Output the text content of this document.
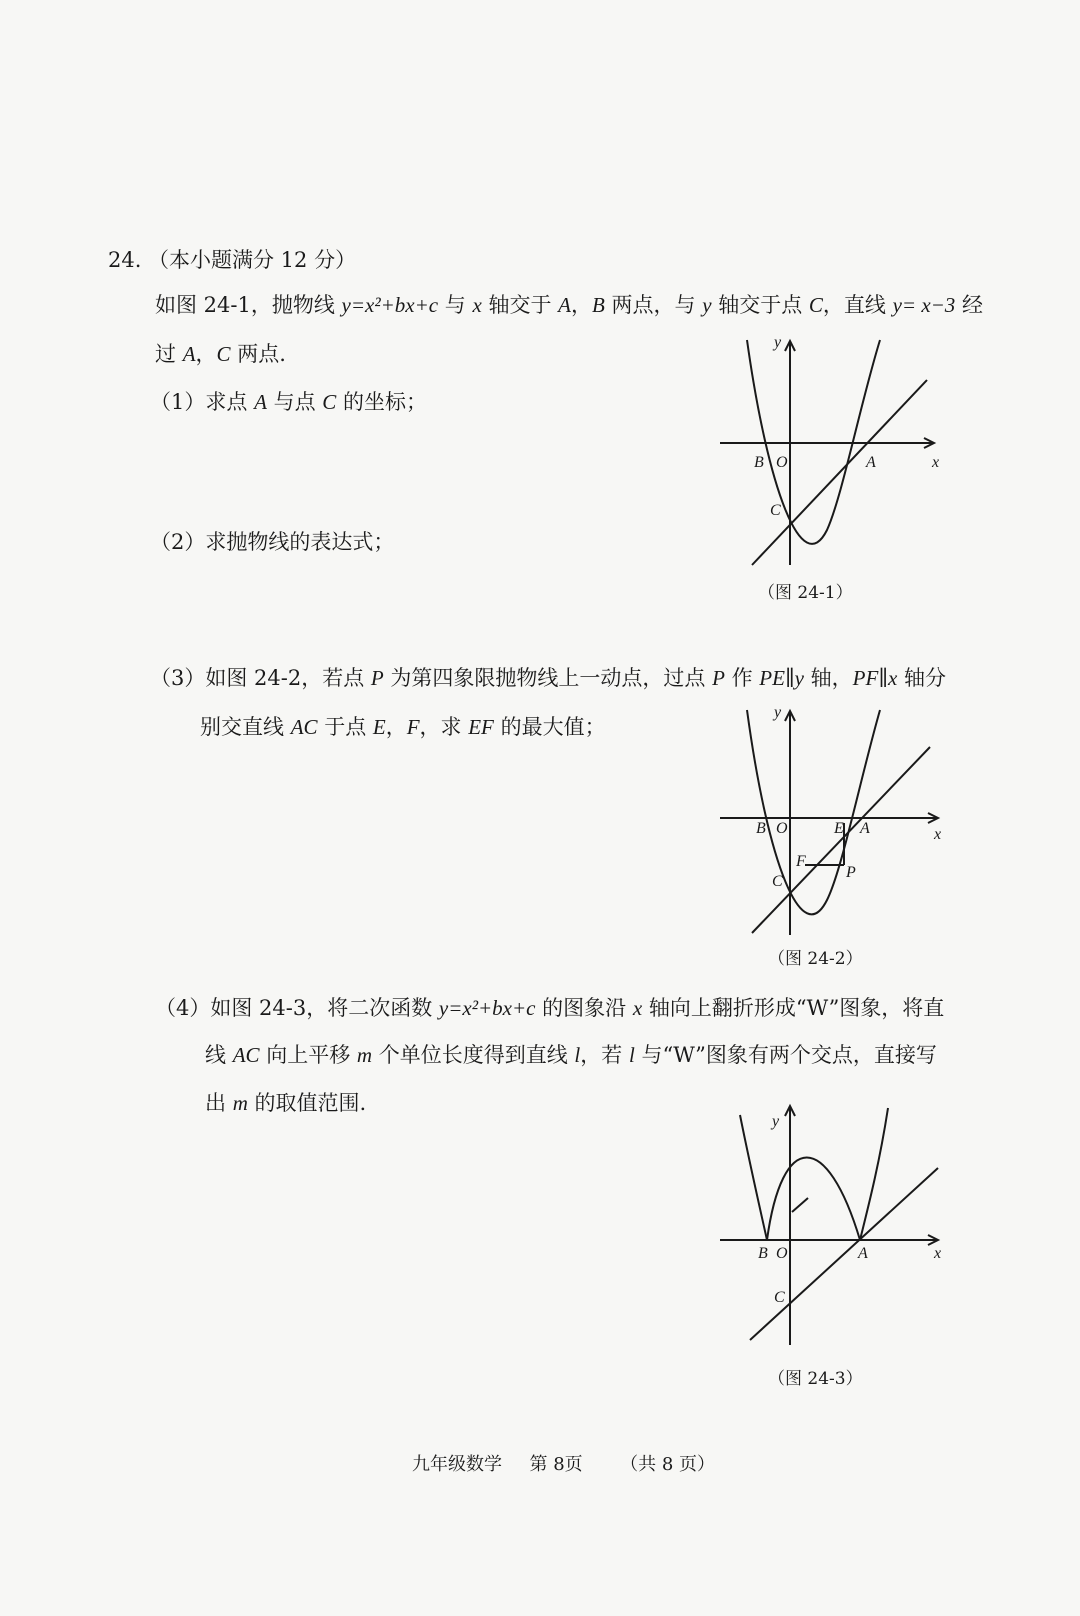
24. （本小题满分 12 分）
如图 24-1，抛物线 y=x²+bx+c 与 x 轴交于 A，B 两点，与 y 轴交于点 C，直线 y= x−3 经
过 A，C 两点.
（1）求点 A 与点 C 的坐标；
（2）求抛物线的表达式；
（3）如图 24-2，若点 P 为第四象限抛物线上一动点，过点 P 作 PE∥y 轴，PF∥x 轴分
别交直线 AC 于点 E，F，求 EF 的最大值；
（4）如图 24-3，将二次函数 y=x²+bx+c 的图象沿 x 轴向上翻折形成“W”图象，将直
线 AC 向上平移 m 个单位长度得到直线 l，若 l 与“W”图象有两个交点，直接写
出 m 的取值范围.
y
x
B O	A
C
（图 24-1）
y
x
B O	E A
F
C
P
（图 24-2）
y
x
B O	A
C
（图 24-3）
九年级数学 第 8页 （共 8 页）
